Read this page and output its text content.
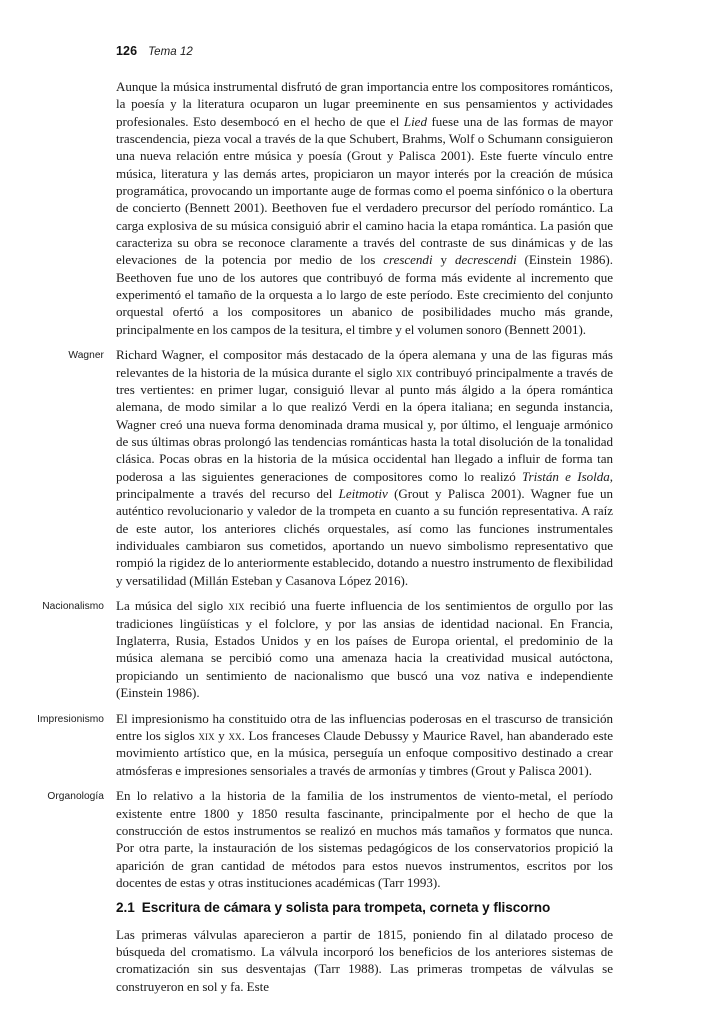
126 Tema 12

Aunque la música instrumental disfrutó de gran importancia entre los compositores románticos, la poesía y la literatura ocuparon un lugar preeminente en sus pensamientos y actividades profesionales. Esto desembocó en el hecho de que el Lied fuese una de las formas de mayor trascendencia, pieza vocal a través de la que Schubert, Brahms, Wolf o Schumann consiguieron una nueva relación entre música y poesía (Grout y Palisca 2001). Este fuerte vínculo entre música, literatura y las demás artes, propiciaron un mayor interés por la creación de música programática, provocando un importante auge de formas como el poema sinfónico o la obertura de concierto (Bennett 2001). Beethoven fue el verdadero precursor del período romántico. La carga explosiva de su música consiguió abrir el camino hacia la etapa romántica. La pasión que caracteriza su obra se reconoce claramente a través del contraste de sus dinámicas y de las elevaciones de la potencia por medio de los crescendi y decrescendi (Einstein 1986). Beethoven fue uno de los autores que contribuyó de forma más evidente al incremento que experimentó el tamaño de la orquesta a lo largo de este período. Este crecimiento del conjunto orquestal ofertó a los compositores un abanico de posibilidades mucho más grande, principalmente en los campos de la tesitura, el timbre y el volumen sonoro (Bennett 2001).

Wagner Richard Wagner, el compositor más destacado de la ópera alemana y una de las figuras más relevantes de la historia de la música durante el siglo xix contribuyó principalmente a través de tres vertientes: en primer lugar, consiguió llevar al punto más álgido a la ópera romántica alemana, de modo similar a lo que realizó Verdi en la ópera italiana; en segunda instancia, Wagner creó una nueva forma denominada drama musical y, por último, el lenguaje armónico de sus últimas obras prolongó las tendencias románticas hasta la total disolución de la tonalidad clásica. Pocas obras en la historia de la música occidental han llegado a influir de forma tan poderosa a las siguientes generaciones de compositores como lo realizó Tristán e Isolda, principalmente a través del recurso del Leitmotiv (Grout y Palisca 2001). Wagner fue un auténtico revolucionario y valedor de la trompeta en cuanto a su función representativa. A raíz de este autor, los anteriores clichés orquestales, así como las funciones instrumentales individuales cambiaron sus cometidos, aportando un nuevo simbolismo representativo que rompió la rigidez de lo anteriormente establecido, dotando a nuestro instrumento de flexibilidad y versatilidad (Millán Esteban y Casanova López 2016).

Nacionalismo La música del siglo xix recibió una fuerte influencia de los sentimientos de orgullo por las tradiciones lingüísticas y el folclore, y por las ansias de identidad nacional. En Francia, Inglaterra, Rusia, Estados Unidos y en los países de Europa oriental, el predominio de la música alemana se percibió como una amenaza hacia la creatividad musical autóctona, propiciando un sentimiento de nacionalismo que buscó una voz nativa e independiente (Einstein 1986).

Impresionismo El impresionismo ha constituido otra de las influencias poderosas en el trascurso de transición entre los siglos xix y xx. Los franceses Claude Debussy y Maurice Ravel, han abanderado este movimiento artístico que, en la música, perseguía un enfoque compositivo destinado a crear atmósferas e impresiones sensoriales a través de armonías y timbres (Grout y Palisca 2001).

Organología En lo relativo a la historia de la familia de los instrumentos de viento-metal, el período existente entre 1800 y 1850 resulta fascinante, principalmente por el hecho de que la construcción de estos instrumentos se realizó en muchos más tamaños y formatos que nunca. Por otra parte, la instauración de los sistemas pedagógicos de los conservatorios propició la aparición de gran cantidad de métodos para estos nuevos instrumentos, escritos por los docentes de estas y otras instituciones académicas (Tarr 1993).

2.1 Escritura de cámara y solista para trompeta, corneta y fliscorno

Las primeras válvulas aparecieron a partir de 1815, poniendo fin al dilatado proceso de búsqueda del cromatismo. La válvula incorporó los beneficios de los anteriores sistemas de cromatización sin sus desventajas (Tarr 1988). Las primeras trompetas de válvulas se construyeron en sol y fa. Este
